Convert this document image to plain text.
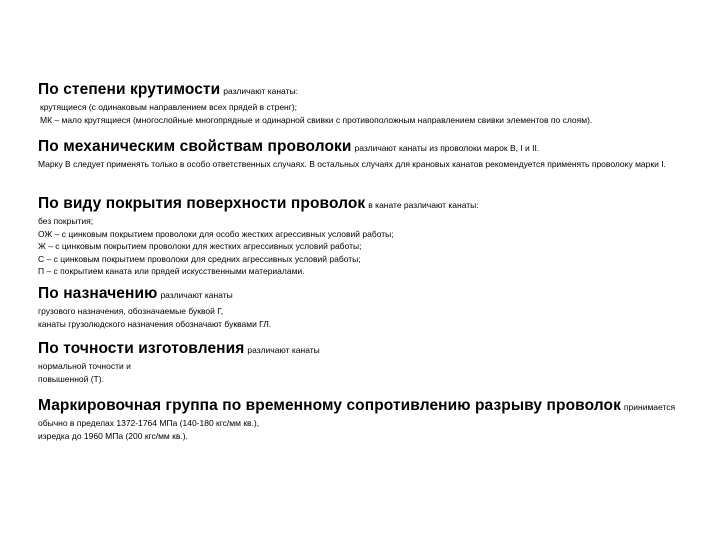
По степени крутимости различают канаты:
крутящиеся (с одинаковым направлением всех прядей в стренг);
МК – мало крутящиеся (многослойные многопрядные и одинарной свивки с противоположным направлением свивки элементов по слоям).
По механическим свойствам проволоки различают канаты из проволоки марок В, I и II.
Марку В следует применять только в особо ответственных случаях. В остальных случаях для крановых канатов рекомендуется применять проволоку марки I.
По виду покрытия поверхности проволок в канате различают канаты:
без покрытия;
ОЖ – с цинковым покрытием проволоки для особо жестких агрессивных условий работы;
Ж – с цинковым покрытием проволоки для жестких агрессивных условий работы;
С – с цинковым покрытием проволоки для средних агрессивных условий работы;
П – с покрытием каната или прядей искусственными материалами.
По назначению различают канаты
грузового назначения, обозначаемые буквой Г,
канаты грузолюдского назначения обозначают буквами ГЛ.
По точности изготовления различают канаты
нормальной точности и
повышенной (Т).
Маркировочная группа по временному сопротивлению разрыву проволок принимается
обычно в пределах 1372-1764 МПа (140-180 кгс/мм кв.),
изредка до 1960 МПа (200 кгс/мм кв.).
